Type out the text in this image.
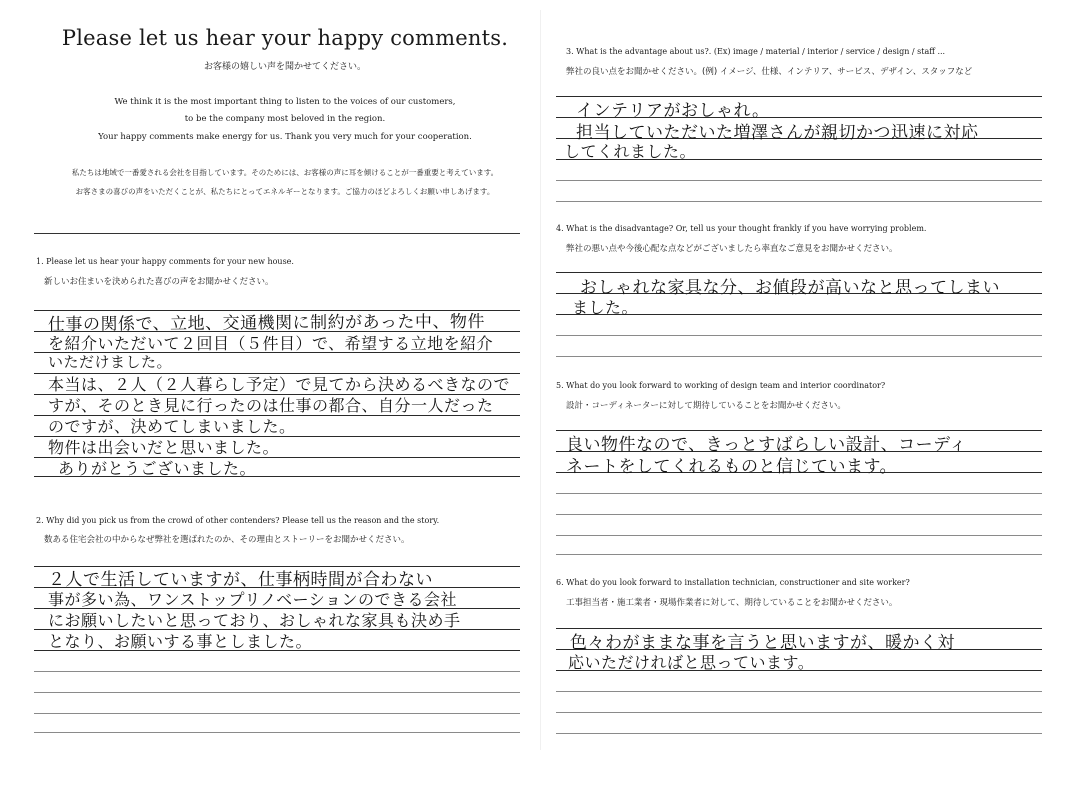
Please let us hear your happy comments.
お客様の嬉しい声を聞かせてください。
We think it is the most important thing to listen to the voices of our customers,
to be the company most beloved in the region.
Your happy comments make energy for us. Thank you very much for your cooperation.
私たちは地域で一番愛される会社を目指しています。そのためには、お客様の声に耳を傾けることが一番重要と考えています。
お客さまの喜びの声をいただくことが、私たちにとってエネルギーとなります。ご協力のほどよろしくお願い申しあげます。
1. Please let us hear your happy comments for your new house.
新しいお住まいを決められた喜びの声をお聞かせください。
仕事の関係で、立地、交通機関に制約があった中、物件
を紹介いただいて２回目（５件目）で、希望する立地を紹介
いただけました。
本当は、２人（２人暮らし予定）で見てから決めるべきなので
すが、そのとき見に行ったのは仕事の都合、自分一人だった
のですが、決めてしまいました。
物件は出会いだと思いました。
ありがとうございました。
2. Why did you pick us from the crowd of other contenders? Please tell us the reason and the story.
数ある住宅会社の中からなぜ弊社を選ばれたのか、その理由とストーリーをお聞かせください。
２人で生活していますが、仕事柄時間が合わない
事が多い為、ワンストップリノベーションのできる会社
にお願いしたいと思っており、おしゃれな家具も決め手
となり、お願いする事としました。
3. What is the advantage about us?. (Ex) image / material / interior / service / design / staff ...
弊社の良い点をお聞かせください。(例) イメージ、仕様、インテリア、サービス、デザイン、スタッフなど
インテリアがおしゃれ。
担当していただいた増澤さんが親切かつ迅速に対応
してくれました。
4. What is the disadvantage? Or, tell us your thought frankly if you have worrying problem.
弊社の悪い点や今後心配な点などがございましたら率直なご意見をお聞かせください。
おしゃれな家具な分、お値段が高いなと思ってしまい
ました。
5. What do you look forward to working of design team and interior coordinator?
設計・コーディネーターに対して期待していることをお聞かせください。
良い物件なので、きっとすばらしい設計、コーディ
ネートをしてくれるものと信じています。
6. What do you look forward to installation technician, constructioner and site worker?
工事担当者・施工業者・現場作業者に対して、期待していることをお聞かせください。
色々わがままな事を言うと思いますが、暖かく対
応いただければと思っています。
